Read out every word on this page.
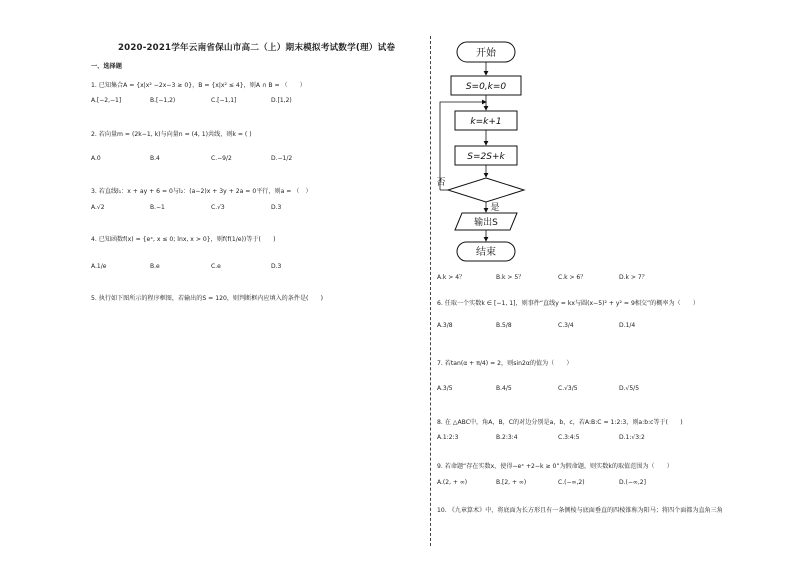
2020-2021学年云南省保山市高二（上）期末模拟考试数学(理）试卷
一、选择题
1. 已知集合A = {x|x² −2x−3 ≥ 0}，B = {x|x² ≤ 4}，则A ∩ B = （　　）
A.[−2,−1]	B.[−1,2)	C.[−1,1]	D.[1,2)
2. 若向量m = (2k−1, k)与向量n = (4, 1)共线，则k = ( )
A.0	B.4	C.−9/2	D.−1/2
3. 若直线l₁：x + ay + 6 = 0与l₂：(a−2)x + 3y + 2a = 0平行，则a = （　）
A.√2	B.−1	C.√3	D.3
4. 已知函数f(x) = {eˣ, x ≤ 0; lnx, x > 0}，则f(f(1/e))等于(　　)
A.1/e	B.e	C.e	D.3
5. 执行如下图所示的程序框图，若输出的S = 120，则判断框内应填入的条件是(　　)
开始
S=0,k=0
k=k+1
S=2S+k
否
是
输出S
结束
A.k > 4？	B.k > 5？	C.k > 6？	D.k > 7？
6. 任取一个实数k ∈ [−1, 1]，则事件“直线y = kx与圆(x−5)² + y² = 9相交”的概率为（　　）
A.3/8	B.5/8	C.3/4	D.1/4
7. 若tan(α + π/4) = 2，则sin2α的值为（　　）
A.3/5	B.4/5	C.√3/5	D.√5/5
8. 在 △ABC中，角A，B，C的对边分别是a，b，c，若A:B:C = 1:2:3，则a:b:c等于(　　)
A.1:2:3	B.2:3:4	C.3:4:5	D.1:√3:2
9. 若命题“存在实数x，使得−eˣ +2−k ≥ 0”为假命题，则实数k的取值范围为（　　）
A.(2, + ∞)	B.[2, + ∞)	C.(−∞,2)	D.(−∞,2]
10. 《九章算术》中，将底面为长方形且有一条侧棱与底面垂直的四棱锥称为阳马；将四个面都为直角三角
